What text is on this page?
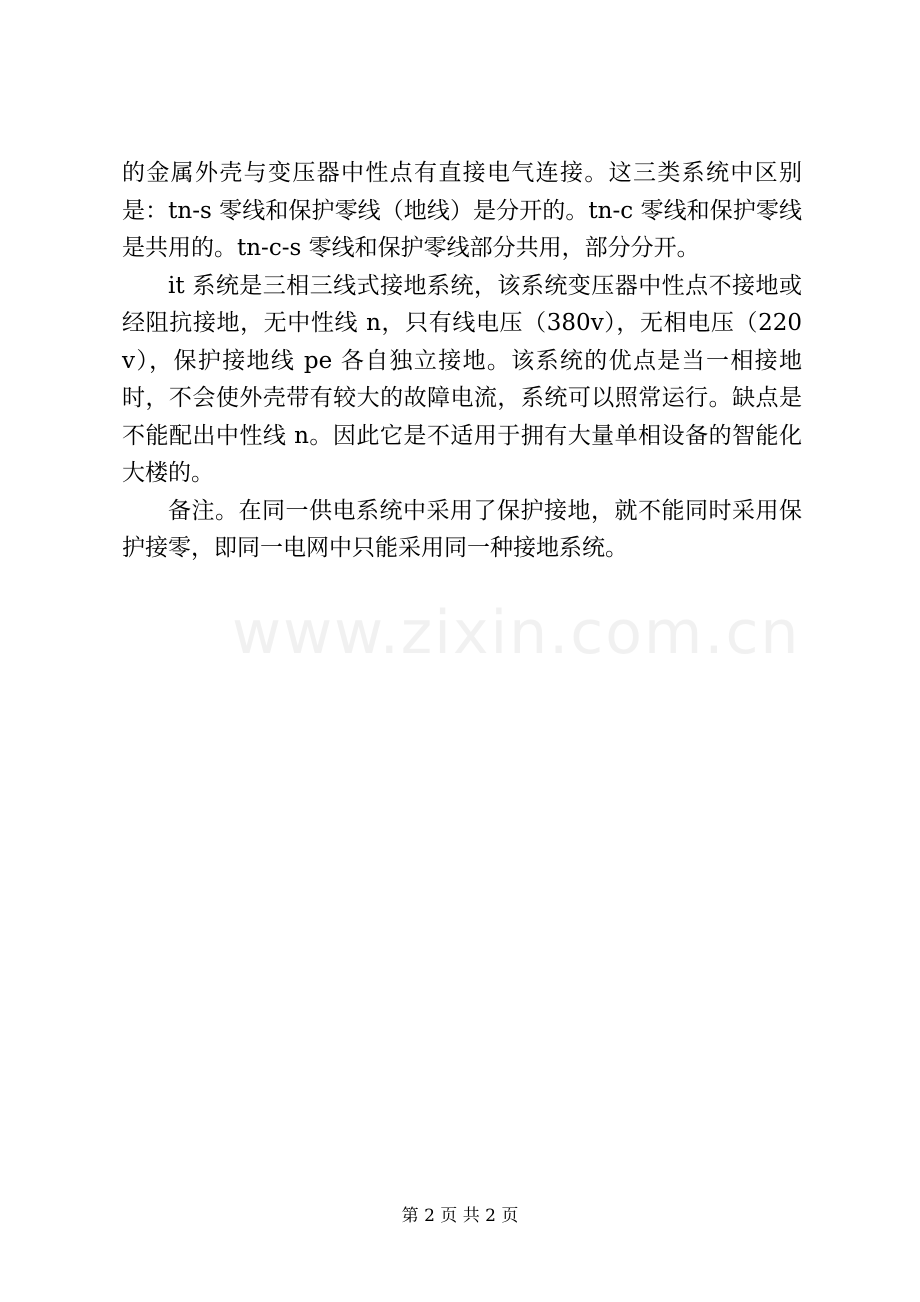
的金属外壳与变压器中性点有直接电气连接。这三类系统中区别是：tn-s 零线和保护零线（地线）是分开的。tn-c 零线和保护零线是共用的。tn-c-s 零线和保护零线部分共用，部分分开。

it 系统是三相三线式接地系统，该系统变压器中性点不接地或经阻抗接地，无中性线 n，只有线电压（380v），无相电压（220v），保护接地线 pe 各自独立接地。该系统的优点是当一相接地时，不会使外壳带有较大的故障电流，系统可以照常运行。缺点是不能配出中性线 n。因此它是不适用于拥有大量单相设备的智能化大楼的。

备注。在同一供电系统中采用了保护接地，就不能同时采用保护接零，即同一电网中只能采用同一种接地系统。

www.zixin.com.cn
第 2 页 共 2 页
